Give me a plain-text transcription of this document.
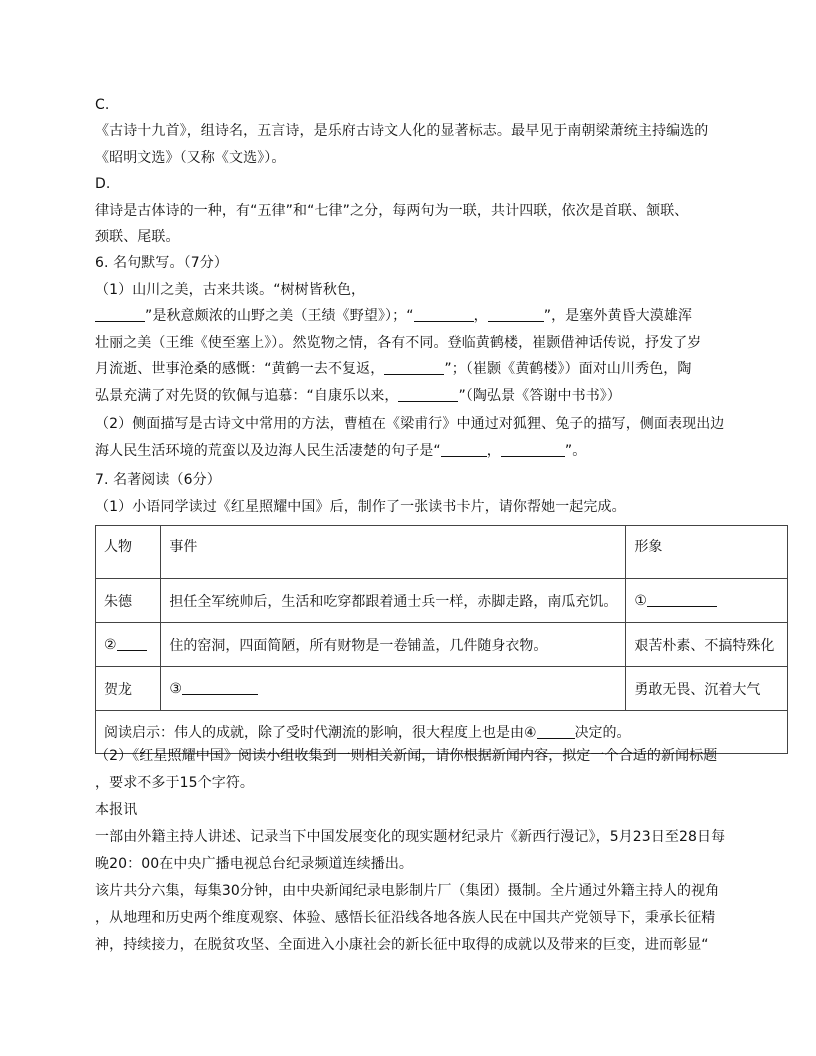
C.
《古诗十九首》，组诗名，五言诗，是乐府古诗文人化的显著标志。最早见于南朝梁萧统主持编选的
《昭明文选》（又称《文选》）。
D.
律诗是古体诗的一种，有“五律”和“七律”之分，每两句为一联，共计四联，依次是首联、颔联、
颈联、尾联。
6. 名句默写。（7分）
（1）山川之美，古来共谈。“树树皆秋色，
”是秋意颇浓的山野之美（王绩《野望》）；“	，	”，是塞外黄昏大漠雄浑
壮丽之美（王维《使至塞上》）。然览物之情，各有不同。登临黄鹤楼，崔颢借神话传说，抒发了岁
月流逝、世事沧桑的感慨：“黄鹤一去不复返，	”；（崔颢《黄鹤楼》）面对山川秀色，陶
弘景充满了对先贤的钦佩与追慕：“自康乐以来，	”（陶弘景《答谢中书书》）
（2）侧面描写是古诗文中常用的方法，曹植在《梁甫行》中通过对狐狸、兔子的描写，侧面表现出边
海人民生活环境的荒蛮以及边海人民生活凄楚的句子是“	，	”。
7. 名著阅读（6分）
（1）小语同学读过《红星照耀中国》后，制作了一张读书卡片，请你帮她一起完成。
人物	事件	形象
朱德	担任全军统帅后，生活和吃穿都跟着通士兵一样，赤脚走路，南瓜充饥。	①
②	住的窑洞，四面简陋，所有财物是一卷铺盖，几件随身衣物。	艰苦朴素、不搞特殊化
贺龙	③	勇敢无畏、沉着大气
阅读启示：伟人的成就，除了受时代潮流的影响，很大程度上也是由④ 决定的。		
（2）《红星照耀中国》阅读小组收集到一则相关新闻，请你根据新闻内容，拟定一个合适的新闻标题
，要求不多于15个字符。
本报讯
一部由外籍主持人讲述、记录当下中国发展变化的现实题材纪录片《新西行漫记》，5月23日至28日每
晚20：00在中央广播电视总台纪录频道连续播出。
该片共分六集，每集30分钟，由中央新闻纪录电影制片厂（集团）摄制。全片通过外籍主持人的视角
，从地理和历史两个维度观察、体验、感悟长征沿线各地各族人民在中国共产党领导下，秉承长征精
神，持续接力，在脱贫攻坚、全面进入小康社会的新长征中取得的成就以及带来的巨变，进而彰显“
